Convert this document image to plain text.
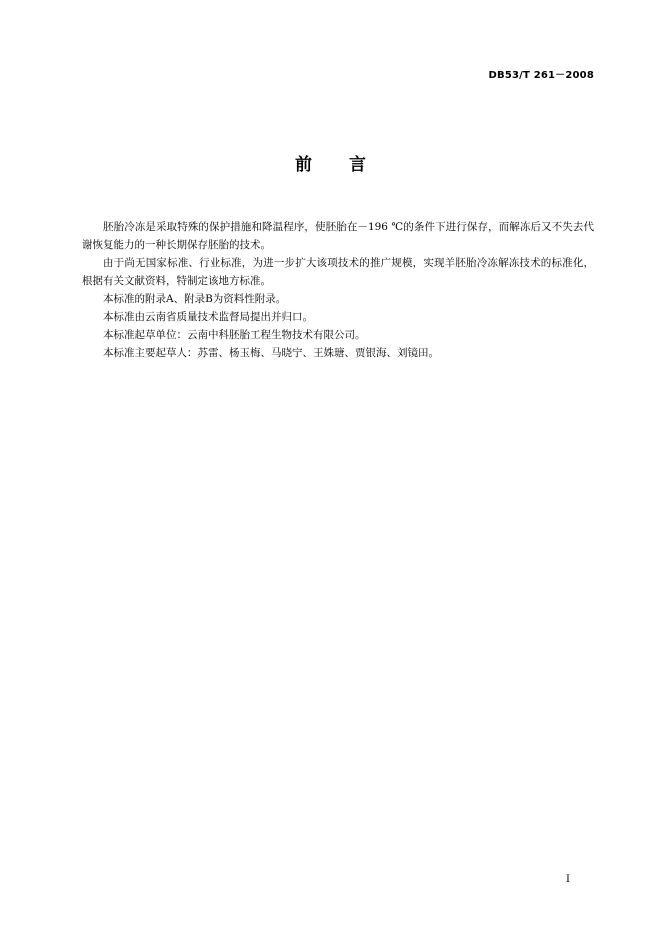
DB53/T 261－2008
前 言

胚胎冷冻是采取特殊的保护措施和降温程序，使胚胎在－196 ℃的条件下进行保存，而解冻后又不失去代谢恢复能力的一种长期保存胚胎的技术。

由于尚无国家标准、行业标准，为进一步扩大该项技术的推广规模，实现羊胚胎冷冻解冻技术的标准化，根据有关文献资料，特制定该地方标准。

本标准的附录A、附录B为资料性附录。

本标准由云南省质量技术监督局提出并归口。

本标准起草单位：云南中科胚胎工程生物技术有限公司。

本标准主要起草人：苏雷、杨玉梅、马晓宁、王姝瑭、贾银海、刘镜田。

I
